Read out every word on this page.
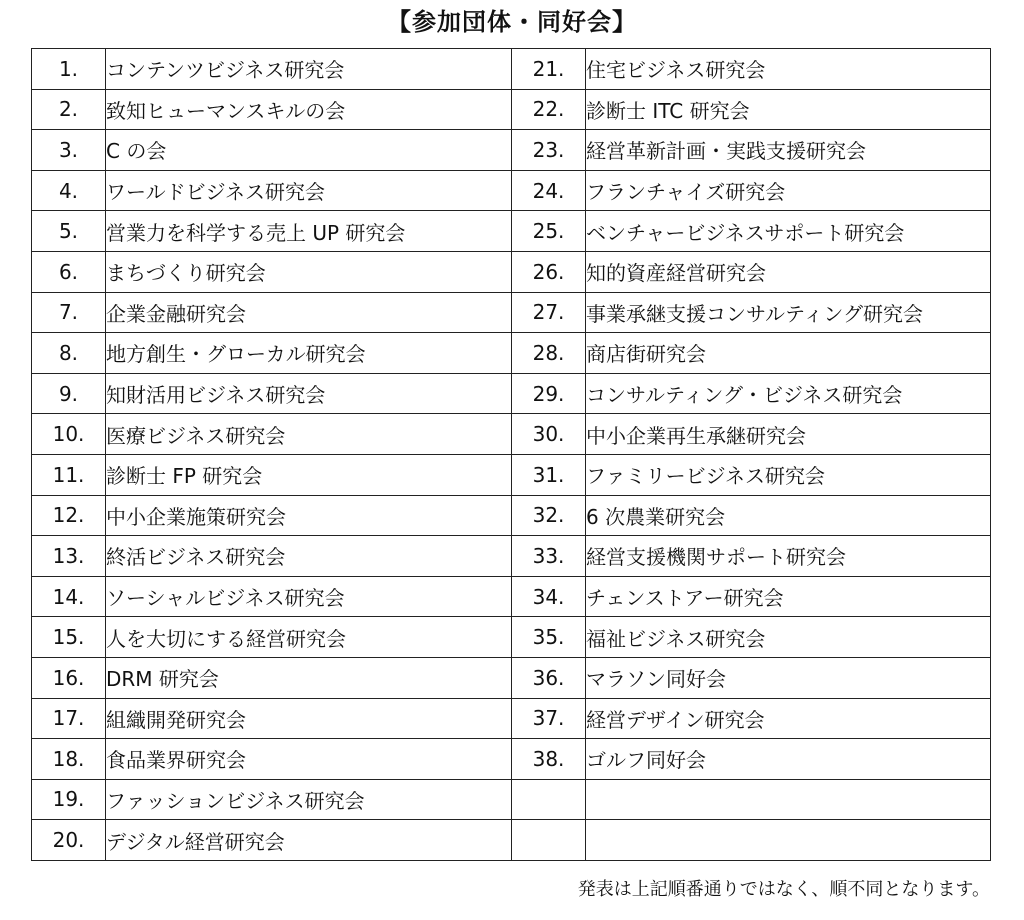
【参加団体・同好会】
1.	コンテンツビジネス研究会	21.	住宅ビジネス研究会
2.	致知ヒューマンスキルの会	22.	診断士 ITC 研究会
3.	C の会	23.	経営革新計画・実践支援研究会
4.	ワールドビジネス研究会	24.	フランチャイズ研究会
5.	営業力を科学する売上 UP 研究会	25.	ベンチャービジネスサポート研究会
6.	まちづくり研究会	26.	知的資産経営研究会
7.	企業金融研究会	27.	事業承継支援コンサルティング研究会
8.	地方創生・グローカル研究会	28.	商店街研究会
9.	知財活用ビジネス研究会	29.	コンサルティング・ビジネス研究会
10.	医療ビジネス研究会	30.	中小企業再生承継研究会
11.	診断士 FP 研究会	31.	ファミリービジネス研究会
12.	中小企業施策研究会	32.	6 次農業研究会
13.	終活ビジネス研究会	33.	経営支援機関サポート研究会
14.	ソーシャルビジネス研究会	34.	チェンストアー研究会
15.	人を大切にする経営研究会	35.	福祉ビジネス研究会
16.	DRM 研究会	36.	マラソン同好会
17.	組織開発研究会	37.	経営デザイン研究会
18.	食品業界研究会	38.	ゴルフ同好会
19.	ファッションビジネス研究会		
20.	デジタル経営研究会		
発表は上記順番通りではなく、順不同となります。
